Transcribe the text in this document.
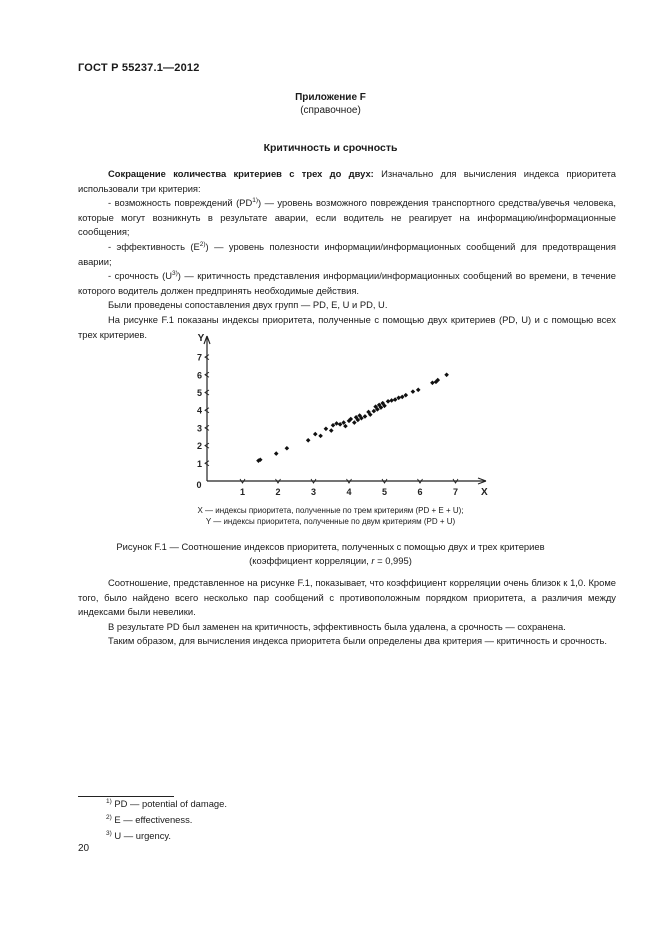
ГОСТ Р 55237.1—2012
Приложение F
(справочное)
Критичность и срочность

Сокращение количества критериев с трех до двух: Изначально для вычисления индекса приоритета использовали три критерия:

- возможность повреждений (PD$^{1)}$) — уровень возможного повреждения транспортного средства/увечья человека, которые могут возникнуть в результате аварии, если водитель не реагирует на информацию/информационные сообщения;

- эффективность $(E^{2)})$ — уровень полезности информации/информационных сообщений для предотвращения аварии;

- срочность $(U^{3)})$ — критичность представления информации/информационных сообщений во времени, в течение которого водитель должен предпринять необходимые действия.

Были проведены сопоставления двух групп — PD, E, U и PD, U.

На рисунке F.1 показаны индексы приоритета, полученные с помощью двух критериев (PD, U) и с помощью всех трех критериев.

X
Y
0
1	2	3	4	5	6	7
1
2
3
4
5
6
7
X — индексы приоритета, полученные по трем критериям (PD + E + U);
Y — индексы приоритета, полученные по двум критериям (PD + U)
Рисунок F.1 — Соотношение индексов приоритета, полученных с помощью двух и трех критериев
(коэффициент корреляции, r = 0,995)

Соотношение, представленное на рисунке F.1, показывает, что коэффициент корреляции очень близок к 1,0. Кроме того, было найдено всего несколько пар сообщений с противоположным порядком приоритета, а различия между индексами были невелики.

В результате PD был заменен на критичность, эффективность была удалена, а срочность — сохранена.

Таким образом, для вычисления индекса приоритета были определены два критерия — критичность и срочность.

$^{1)}$ PD — potential of damage.
$^{2)}$ E — effectiveness.
$^{3)}$ U — urgency.
20
